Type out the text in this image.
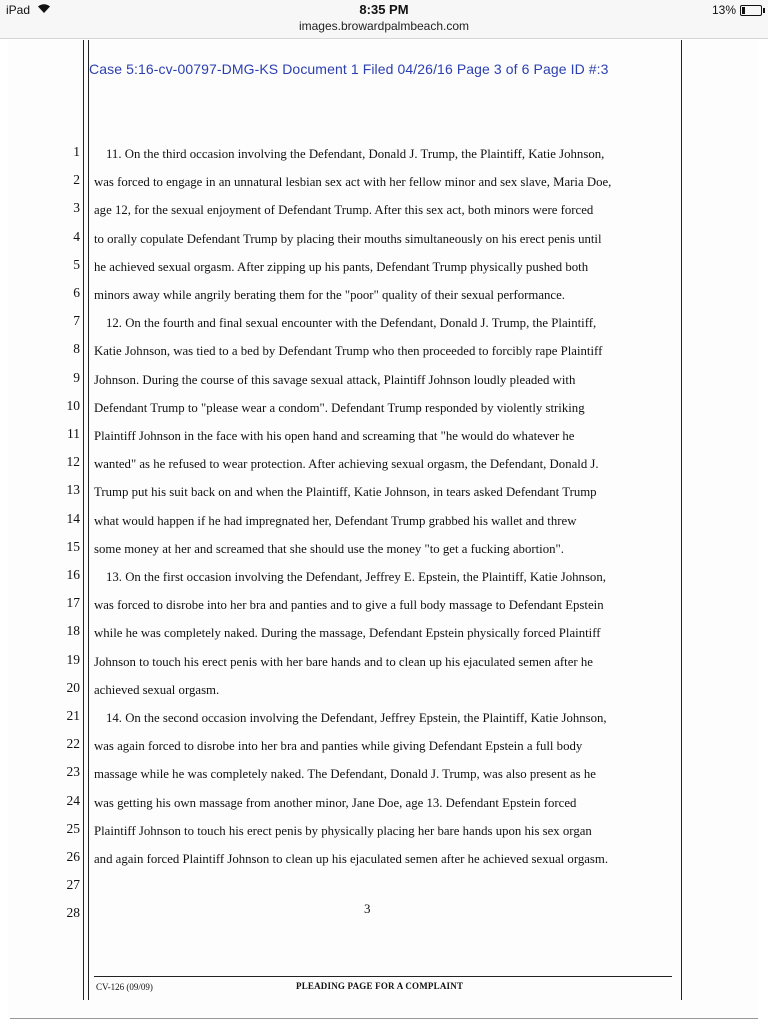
iPad	8:35 PM
images.browardpalmbeach.com
13%
Case 5:16-cv-00797-DMG-KS Document 1 Filed 04/26/16 Page 3 of 6 Page ID #:3
1
2
3
4
5
6
7
8
9
10
11
12
13
14
15
16
17
18
19
20
21
22
23
24
25
26
27
28
11. On the third occasion involving the Defendant, Donald J. Trump, the Plaintiff, Katie Johnson,
was forced to engage in an unnatural lesbian sex act with her fellow minor and sex slave, Maria Doe,
age 12, for the sexual enjoyment of Defendant Trump. After this sex act, both minors were forced
to orally copulate Defendant Trump by placing their mouths simultaneously on his erect penis until
he achieved sexual orgasm. After zipping up his pants, Defendant Trump physically pushed both
minors away while angrily berating them for the "poor" quality of their sexual performance.
12. On the fourth and final sexual encounter with the Defendant, Donald J. Trump, the Plaintiff,
Katie Johnson, was tied to a bed by Defendant Trump who then proceeded to forcibly rape Plaintiff
Johnson. During the course of this savage sexual attack, Plaintiff Johnson loudly pleaded with
Defendant Trump to "please wear a condom". Defendant Trump responded by violently striking
Plaintiff Johnson in the face with his open hand and screaming that "he would do whatever he
wanted" as he refused to wear protection. After achieving sexual orgasm, the Defendant, Donald J.
Trump put his suit back on and when the Plaintiff, Katie Johnson, in tears asked Defendant Trump
what would happen if he had impregnated her, Defendant Trump grabbed his wallet and threw
some money at her and screamed that she should use the money "to get a fucking abortion".
13. On the first occasion involving the Defendant, Jeffrey E. Epstein, the Plaintiff, Katie Johnson,
was forced to disrobe into her bra and panties and to give a full body massage to Defendant Epstein
while he was completely naked. During the massage, Defendant Epstein physically forced Plaintiff
Johnson to touch his erect penis with her bare hands and to clean up his ejaculated semen after he
achieved sexual orgasm.
14. On the second occasion involving the Defendant, Jeffrey Epstein, the Plaintiff, Katie Johnson,
was again forced to disrobe into her bra and panties while giving Defendant Epstein a full body
massage while he was completely naked. The Defendant, Donald J. Trump, was also present as he
was getting his own massage from another minor, Jane Doe, age 13. Defendant Epstein forced
Plaintiff Johnson to touch his erect penis by physically placing her bare hands upon his sex organ
and again forced Plaintiff Johnson to clean up his ejaculated semen after he achieved sexual orgasm.
3
CV-126 (09/09)	PLEADING PAGE FOR A COMPLAINT
